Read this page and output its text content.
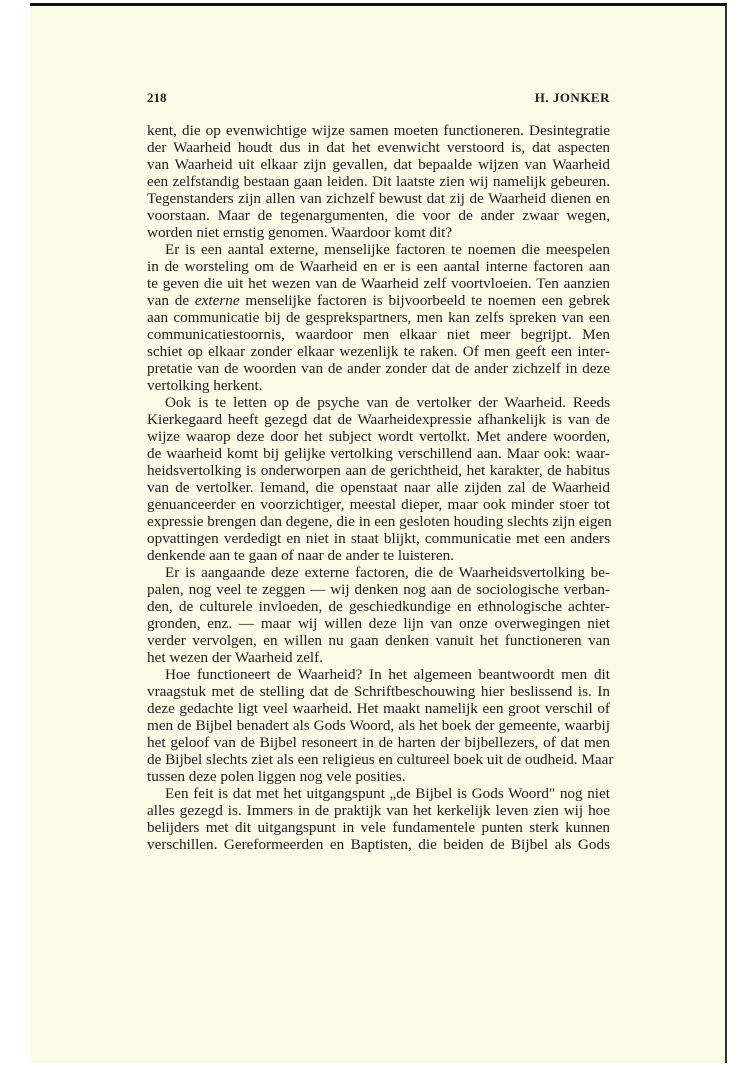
218	H. JONKER
kent, die op evenwichtige wijze samen moeten functioneren. Desintegratie
der Waarheid houdt dus in dat het evenwicht verstoord is, dat aspecten
van Waarheid uit elkaar zijn gevallen, dat bepaalde wijzen van Waarheid
een zelfstandig bestaan gaan leiden. Dit laatste zien wij namelijk gebeuren.
Tegenstanders zijn allen van zichzelf bewust dat zij de Waarheid dienen en
voorstaan. Maar de tegenargumenten, die voor de ander zwaar wegen,
worden niet ernstig genomen. Waardoor komt dit?
Er is een aantal externe, menselijke factoren te noemen die meespelen
in de worsteling om de Waarheid en er is een aantal interne factoren aan
te geven die uit het wezen van de Waarheid zelf voortvloeien. Ten aanzien
van de externe menselijke factoren is bijvoorbeeld te noemen een gebrek
aan communicatie bij de gesprekspartners, men kan zelfs spreken van een
communicatiestoornis, waardoor men elkaar niet meer begrijpt. Men
schiet op elkaar zonder elkaar wezenlijk te raken. Of men geeft een inter-
pretatie van de woorden van de ander zonder dat de ander zichzelf in deze
vertolking herkent.
Ook is te letten op de psyche van de vertolker der Waarheid. Reeds
Kierkegaard heeft gezegd dat de Waarheidexpressie afhankelijk is van de
wijze waarop deze door het subject wordt vertolkt. Met andere woorden,
de waarheid komt bij gelijke vertolking verschillend aan. Maar ook: waar-
heidsvertolking is onderworpen aan de gerichtheid, het karakter, de habitus
van de vertolker. Iemand, die openstaat naar alle zijden zal de Waarheid
genuanceerder en voorzichtiger, meestal dieper, maar ook minder stoer tot
expressie brengen dan degene, die in een gesloten houding slechts zijn eigen
opvattingen verdedigt en niet in staat blijkt, communicatie met een anders
denkende aan te gaan of naar de ander te luisteren.
Er is aangaande deze externe factoren, die de Waarheidsvertolking be-
palen, nog veel te zeggen — wij denken nog aan de sociologische verban-
den, de culturele invloeden, de geschiedkundige en ethnologische achter-
gronden, enz. — maar wij willen deze lijn van onze overwegingen niet
verder vervolgen, en willen nu gaan denken vanuit het functioneren van
het wezen der Waarheid zelf.
Hoe functioneert de Waarheid? In het algemeen beantwoordt men dit
vraagstuk met de stelling dat de Schriftbeschouwing hier beslissend is. In
deze gedachte ligt veel waarheid. Het maakt namelijk een groot verschil of
men de Bijbel benadert als Gods Woord, als het boek der gemeente, waarbij
het geloof van de Bijbel resoneert in de harten der bijbellezers, of dat men
de Bijbel slechts ziet als een religieus en cultureel boek uit de oudheid. Maar
tussen deze polen liggen nog vele posities.
Een feit is dat met het uitgangspunt „de Bijbel is Gods Woord" nog niet
alles gezegd is. Immers in de praktijk van het kerkelijk leven zien wij hoe
belijders met dit uitgangspunt in vele fundamentele punten sterk kunnen
verschillen. Gereformeerden en Baptisten, die beiden de Bijbel als Gods
